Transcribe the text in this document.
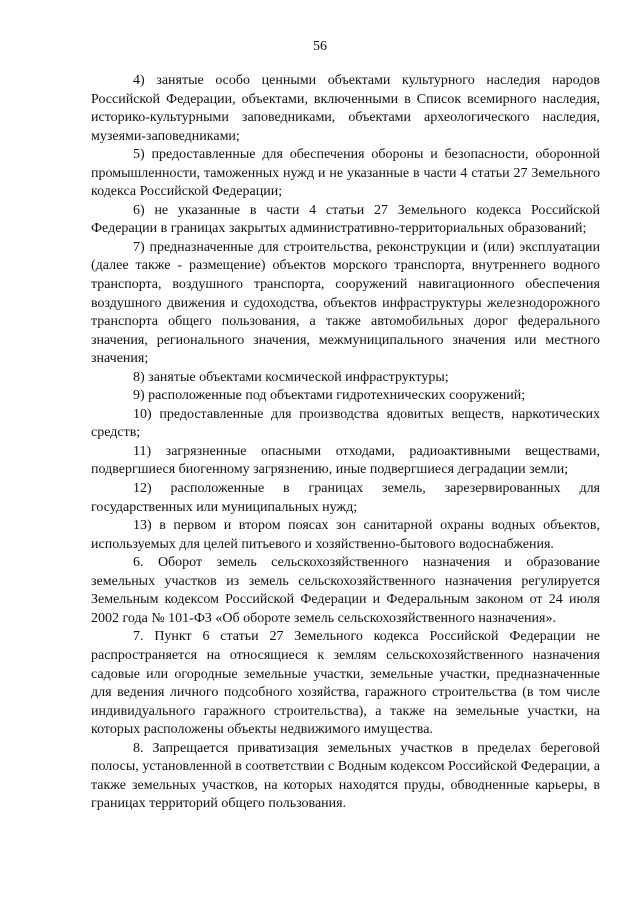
56

4) занятые особо ценными объектами культурного наследия народов Российской Федерации, объектами, включенными в Список всемирного наследия, историко-культурными заповедниками, объектами археологического наследия, музеями-заповедниками;

5) предоставленные для обеспечения обороны и безопасности, оборонной промышленности, таможенных нужд и не указанные в части 4 статьи 27 Земельного кодекса Российской Федерации;

6) не указанные в части 4 статьи 27 Земельного кодекса Российской Федерации в границах закрытых административно-территориальных образований;

7) предназначенные для строительства, реконструкции и (или) эксплуатации (далее также - размещение) объектов морского транспорта, внутреннего водного транспорта, воздушного транспорта, сооружений навигационного обеспечения воздушного движения и судоходства, объектов инфраструктуры железнодорожного транспорта общего пользования, а также автомобильных дорог федерального значения, регионального значения, межмуниципального значения или местного значения;

8) занятые объектами космической инфраструктуры;

9) расположенные под объектами гидротехнических сооружений;

10) предоставленные для производства ядовитых веществ, наркотических средств;

11) загрязненные опасными отходами, радиоактивными веществами, подвергшиеся биогенному загрязнению, иные подвергшиеся деградации земли;

12) расположенные в границах земель, зарезервированных для государственных или муниципальных нужд;

13) в первом и втором поясах зон санитарной охраны водных объектов, используемых для целей питьевого и хозяйственно-бытового водоснабжения.

6. Оборот земель сельскохозяйственного назначения и образование земельных участков из земель сельскохозяйственного назначения регулируется Земельным кодексом Российской Федерации и Федеральным законом от 24 июля 2002 года № 101-ФЗ «Об обороте земель сельскохозяйственного назначения».

7. Пункт 6 статьи 27 Земельного кодекса Российской Федерации не распространяется на относящиеся к землям сельскохозяйственного назначения садовые или огородные земельные участки, земельные участки, предназначенные для ведения личного подсобного хозяйства, гаражного строительства (в том числе индивидуального гаражного строительства), а также на земельные участки, на которых расположены объекты недвижимого имущества.

8. Запрещается приватизация земельных участков в пределах береговой полосы, установленной в соответствии с Водным кодексом Российской Федерации, а также земельных участков, на которых находятся пруды, обводненные карьеры, в границах территорий общего пользования.
